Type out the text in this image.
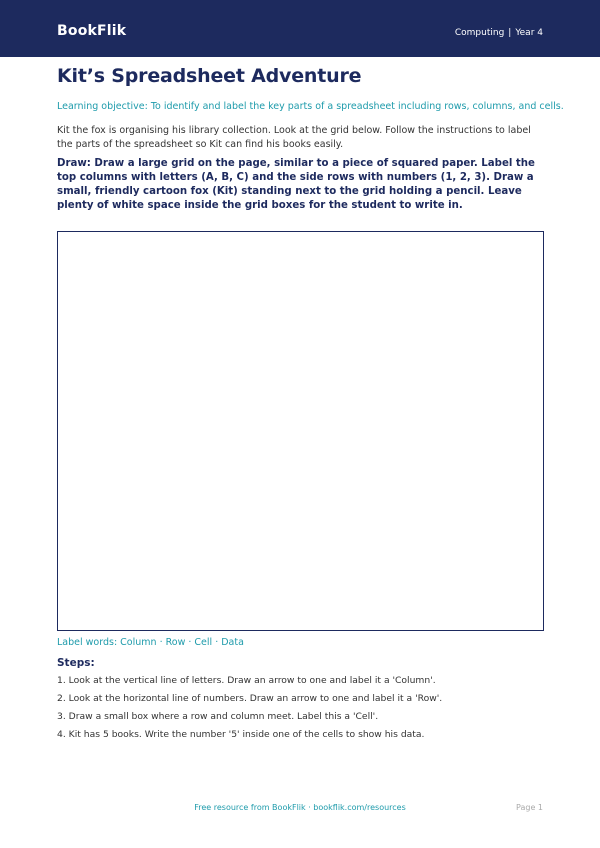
BookFlik	Computing | Year 4
Kit’s Spreadsheet Adventure
Learning objective: To identify and label the key parts of a spreadsheet including rows, columns, and cells.
Kit the fox is organising his library collection. Look at the grid below. Follow the instructions to label the parts of the spreadsheet so Kit can find his books easily.
Draw: Draw a large grid on the page, similar to a piece of squared paper. Label the top columns with letters (A, B, C) and the side rows with numbers (1, 2, 3). Draw a small, friendly cartoon fox (Kit) standing next to the grid holding a pencil. Leave plenty of white space inside the grid boxes for the student to write in.
Label words: Column · Row · Cell · Data
Steps:
1. Look at the vertical line of letters. Draw an arrow to one and label it a 'Column'.
2. Look at the horizontal line of numbers. Draw an arrow to one and label it a 'Row'.
3. Draw a small box where a row and column meet. Label this a 'Cell'.
4. Kit has 5 books. Write the number '5' inside one of the cells to show his data.
Free resource from BookFlik · bookflik.com/resources	Page 1
